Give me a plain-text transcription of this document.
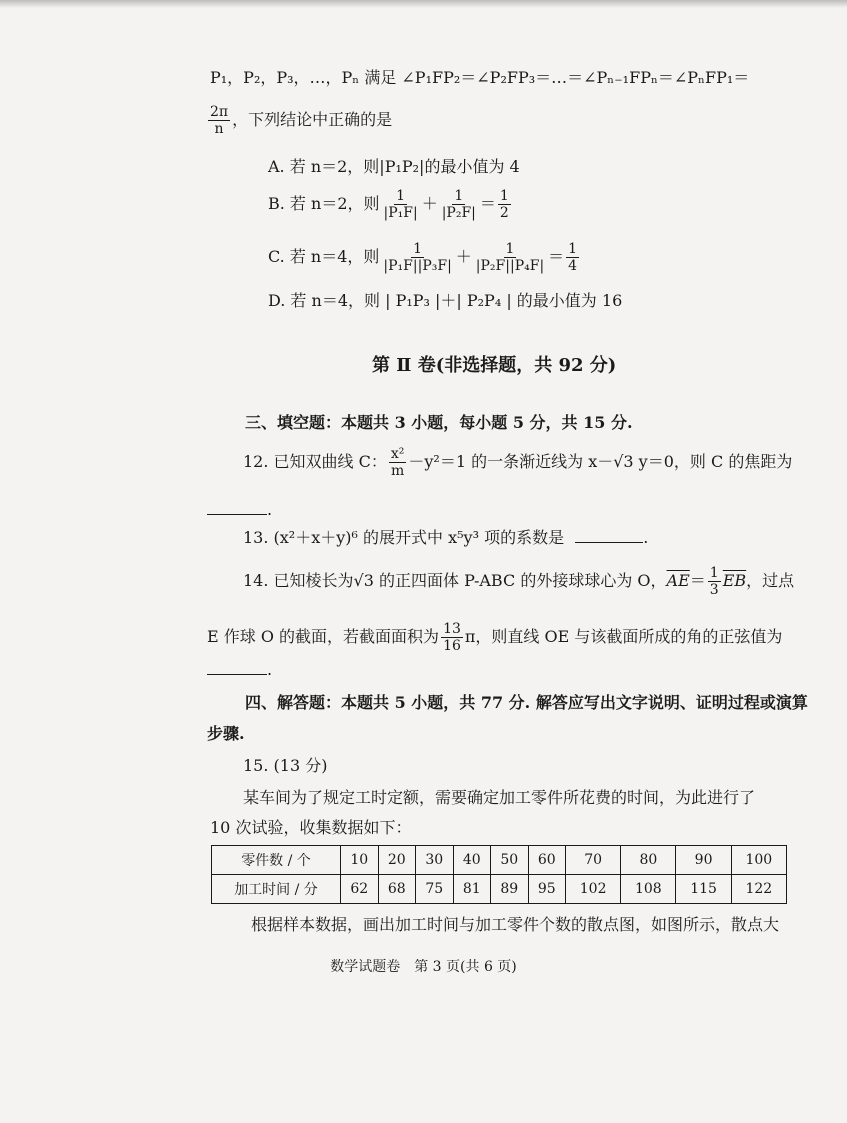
P₁，P₂，P₃，…，Pₙ 满足 ∠P₁FP₂＝∠P₂FP₃＝…＝∠Pₙ₋₁FPₙ＝∠PₙFP₁＝
$\frac{2\pi}{n}$ ，下列结论中正确的是
A. 若 n＝2，则|P₁P₂|的最小值为 4
B. 若 n＝2，则 $\frac{1}{\text{|P₁F|}} + \frac{1}{\text{|P₂F|}} = \frac{1}{2}$
C. 若 n＝4，则 $\frac{1}{\text{|P₁F||P₃F|}} + \frac{1}{\text{|P₂F||P₄F|}} = \frac{1}{4}$
D. 若 n＝4，则 | P₁P₃ |＋| P₂P₄ | 的最小值为 16
第 Ⅱ 卷(非选择题，共 92 分)
三、填空题：本题共 3 小题，每小题 5 分，共 15 分.
12. 已知双曲线 C： $\frac{\text{x²}}{m} -y^2=1$ 的一条渐近线为 x－√3 y＝0，则 C 的焦距为
.
13. (x²＋x＋y)⁶ 的展开式中 x⁵y³ 项的系数是	.
14. 已知棱长为√3 的正四面体 P-ABC 的外接球球心为 O，$\overline{AE}= \frac{1}{3} \overline{EB}$，过点
E 作球 O 的截面，若截面面积为 $\frac{13}{16}$ π，则直线 OE 与该截面所成的角的正弦值为
.
四、解答题：本题共 5 小题，共 77 分. 解答应写出文字说明、证明过程或演算
步骤.
15. (13 分)
某车间为了规定工时定额，需要确定加工零件所花费的时间，为此进行了
10 次试验，收集数据如下：
零件数 / 个	10	20	30	40	50	60	70	80	90	100
加工时间 / 分	62	68	75	81	89	95	102	108	115	122
根据样本数据，画出加工时间与加工零件个数的散点图，如图所示，散点大
数学试题卷　第 3 页(共 6 页)
